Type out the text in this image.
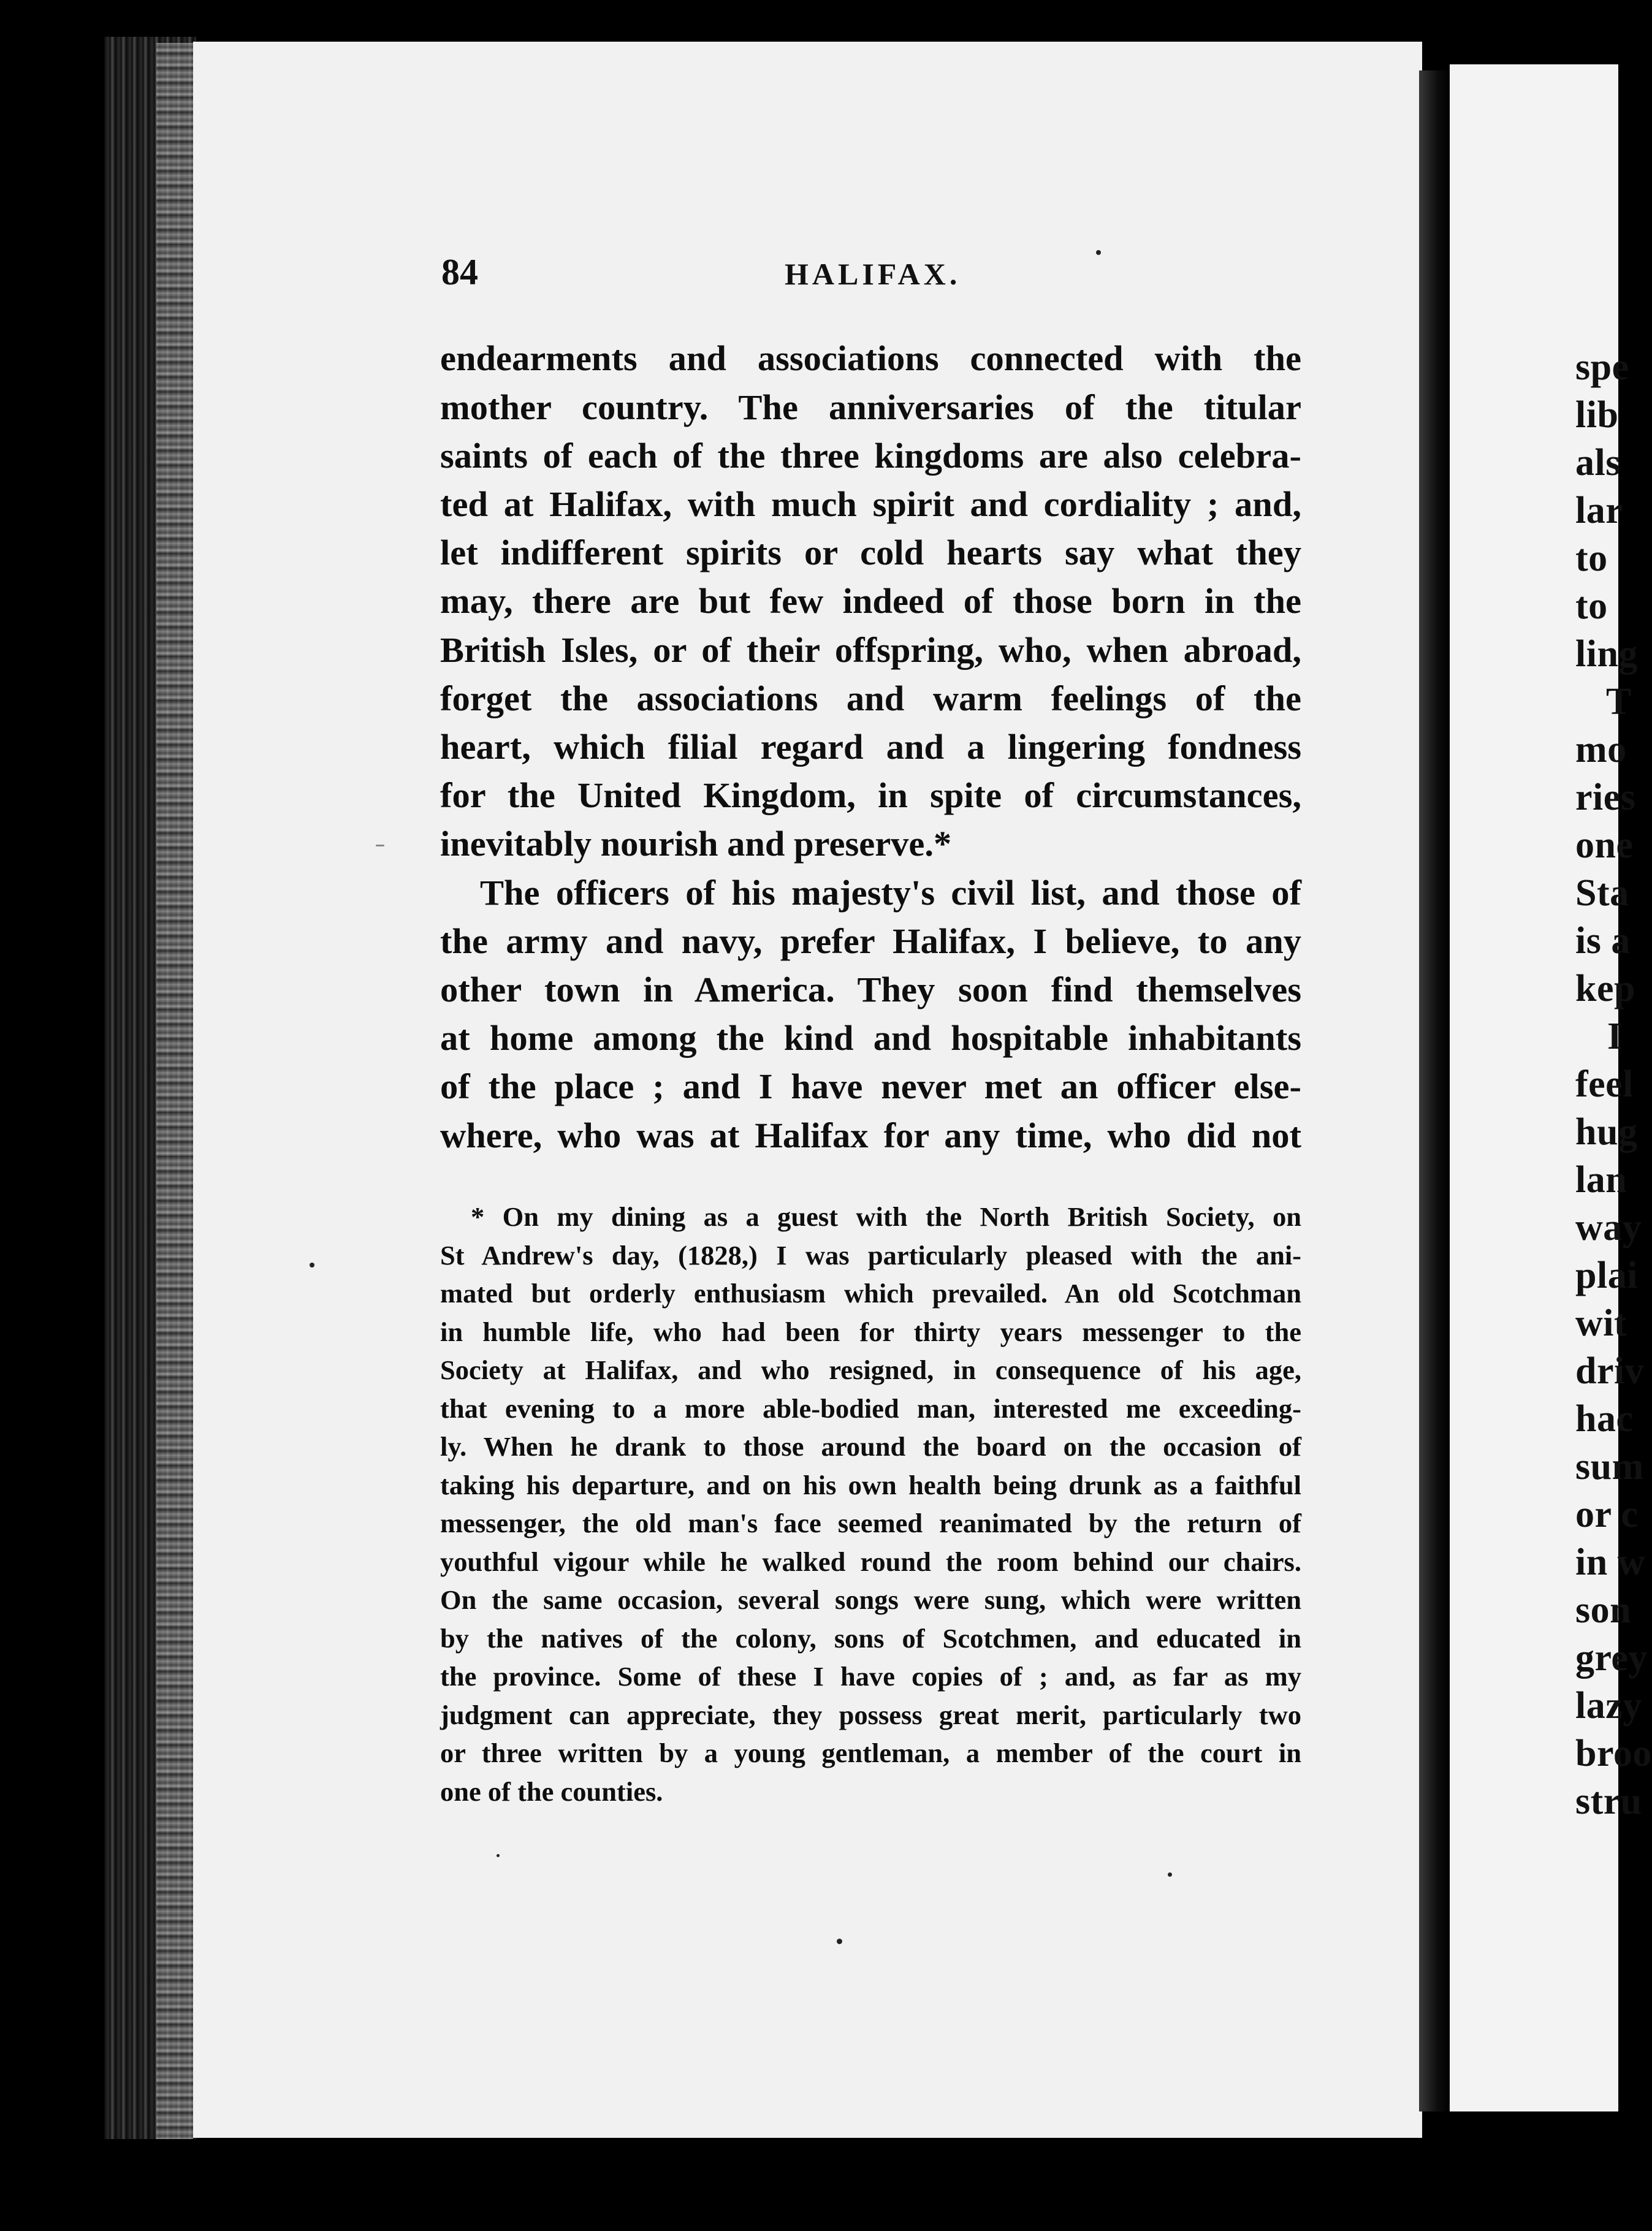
84	HALIFAX.
endearments and associations connected with the
mother country. The anniversaries of the titular
saints of each of the three kingdoms are also celebra-
ted at Halifax, with much spirit and cordiality ; and,
let indifferent spirits or cold hearts say what they
may, there are but few indeed of those born in the
British Isles, or of their offspring, who, when abroad,
forget the associations and warm feelings of the
heart, which filial regard and a lingering fondness
for the United Kingdom, in spite of circumstances,
inevitably nourish and preserve.*
The officers of his majesty's civil list, and those of
the army and navy, prefer Halifax, I believe, to any
other town in America. They soon find themselves
at home among the kind and hospitable inhabitants
of the place ; and I have never met an officer else-
where, who was at Halifax for any time, who did not
* On my dining as a guest with the North British Society, on
St Andrew's day, (1828,) I was particularly pleased with the ani-
mated but orderly enthusiasm which prevailed. An old Scotchman
in humble life, who had been for thirty years messenger to the
Society at Halifax, and who resigned, in consequence of his age,
that evening to a more able-bodied man, interested me exceeding-
ly. When he drank to those around the board on the occasion of
taking his departure, and on his own health being drunk as a faithful
messenger, the old man's face seemed reanimated by the return of
youthful vigour while he walked round the room behind our chairs.
On the same occasion, several songs were sung, which were written
by the natives of the colony, sons of Scotchmen, and educated in
the province. Some of these I have copies of ; and, as far as my
judgment can appreciate, they possess great merit, particularly two
or three written by a young gentleman, a member of the court in
one of the counties.
spe
lib
als
lar
to
to
ling
T
mo
ries
one
Sta
is a
kep
I
feel
hug
lan
way
plai
wit
driv
hac
sum
or c
in w
son
grey
lazy
broo
stru
